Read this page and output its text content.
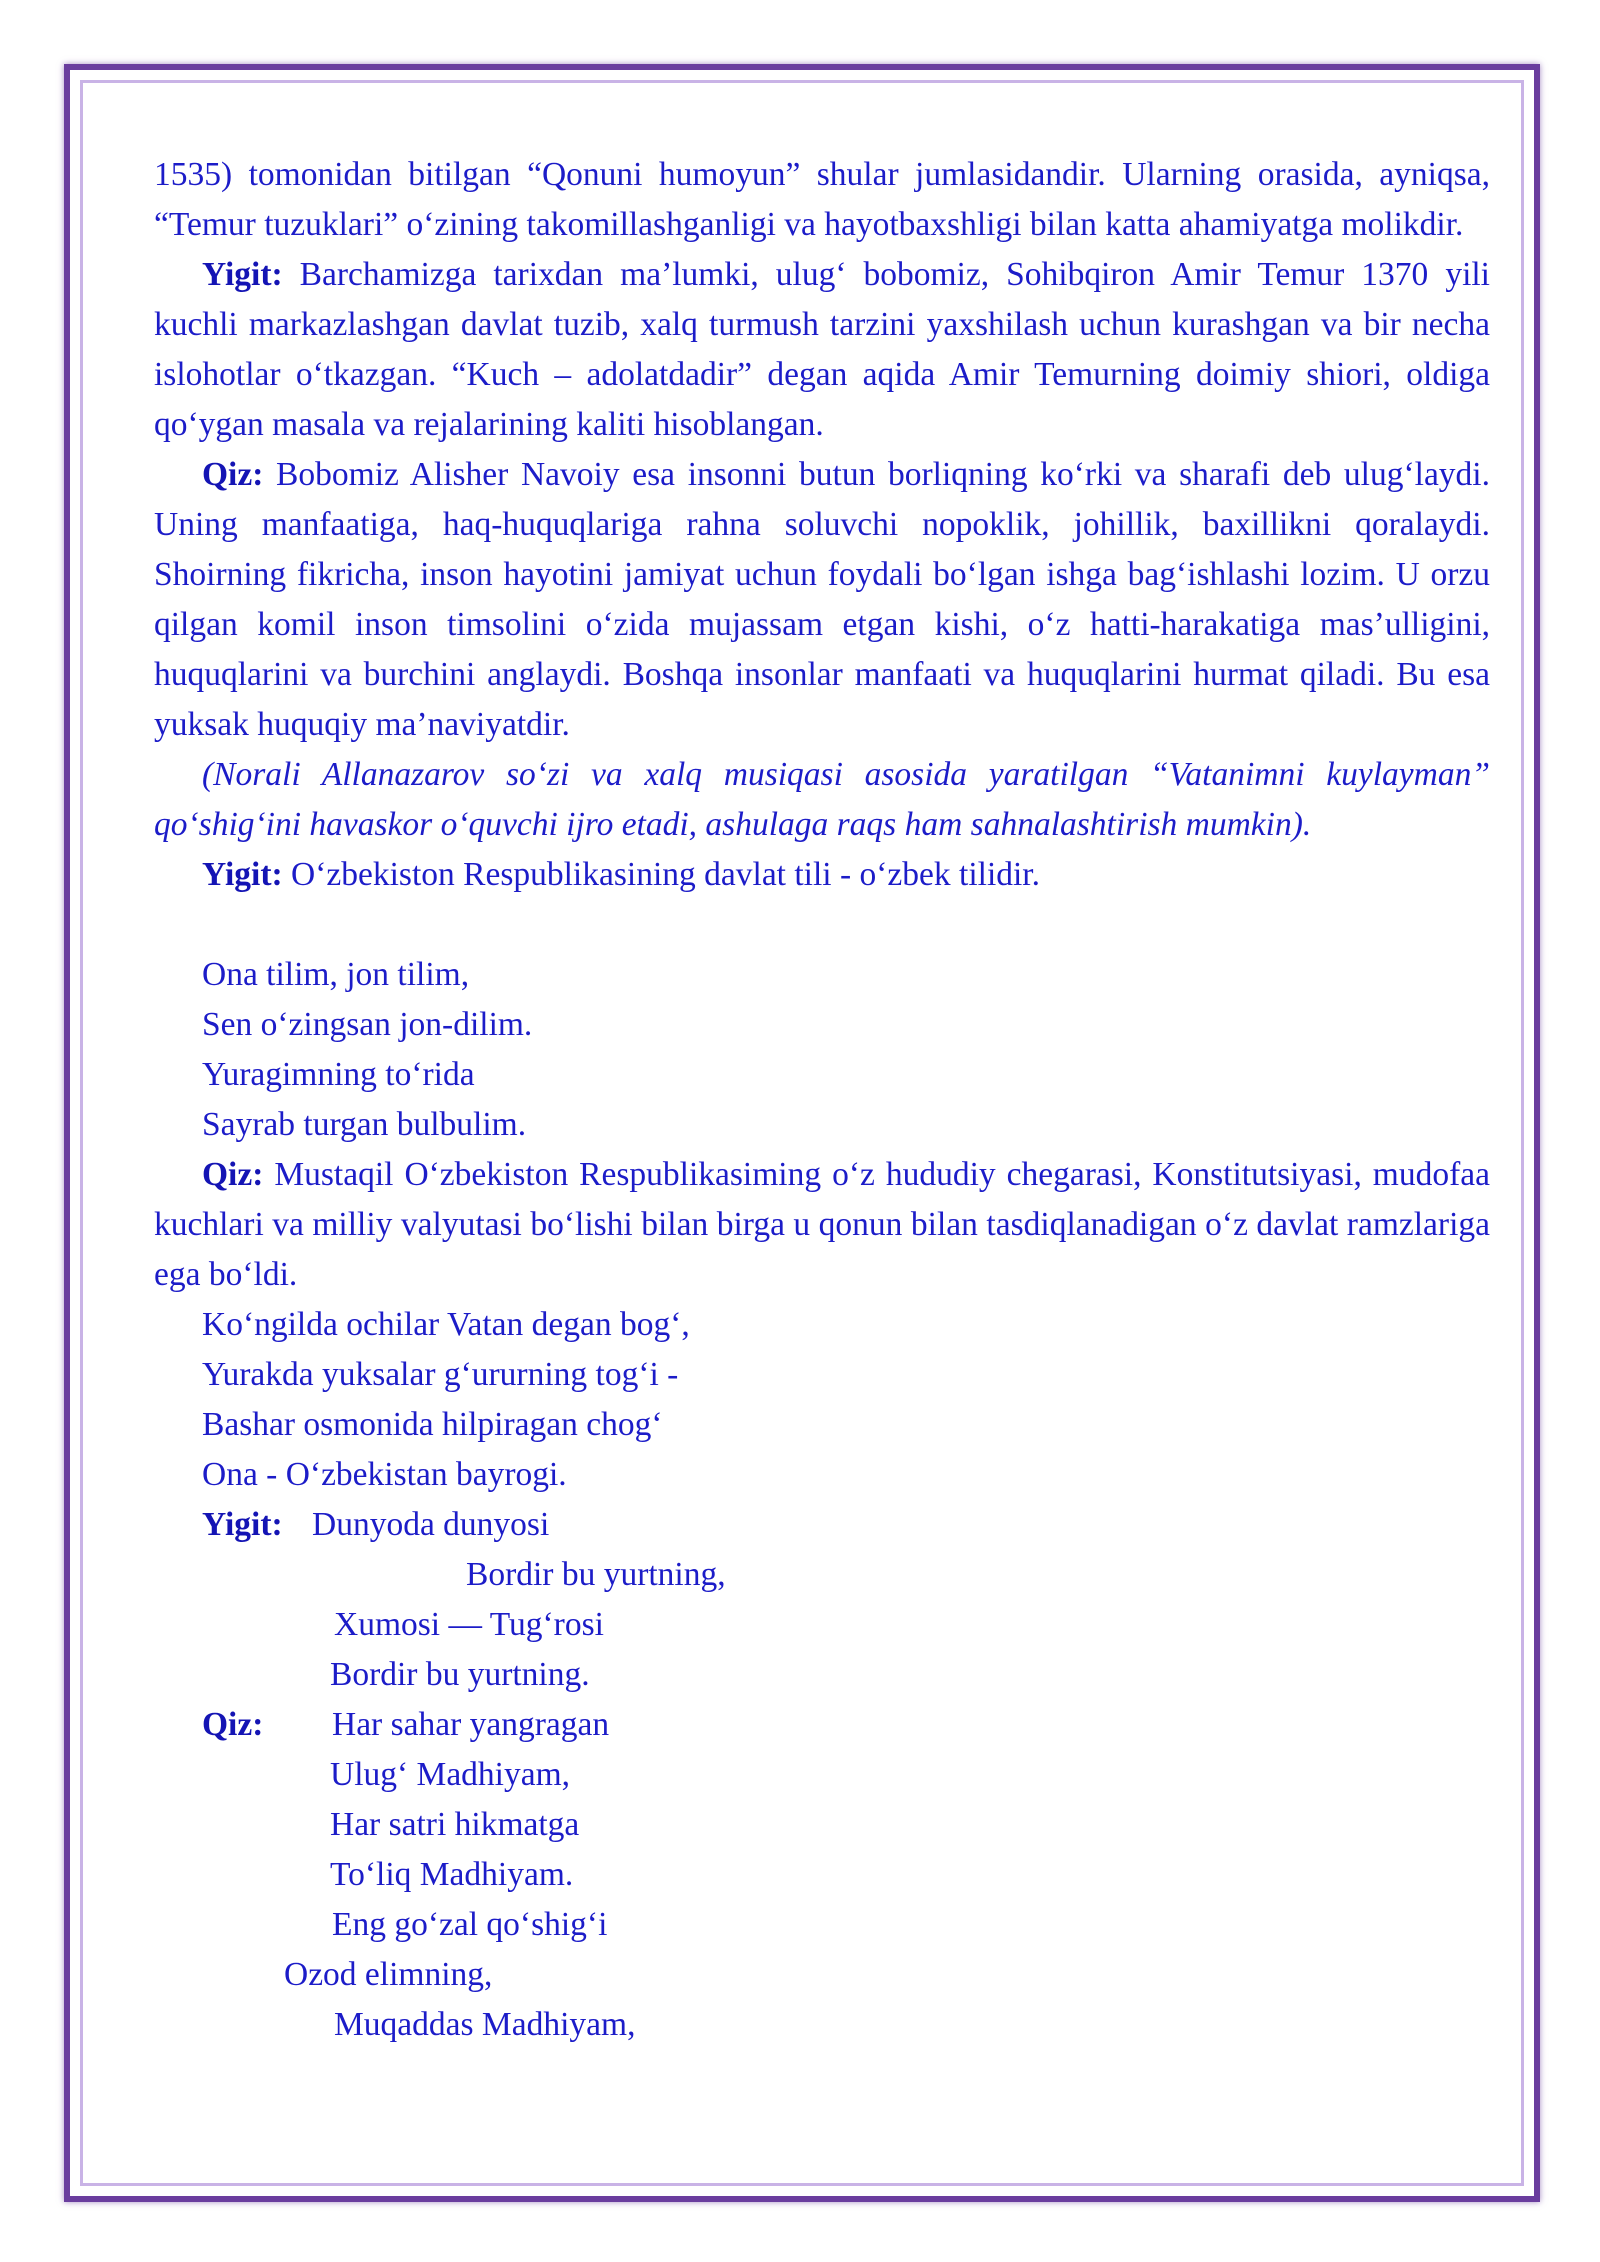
1535) tomonidan bitilgan “Qonuni humoyun” shular jumlasidandir. Ularning orasida, ayniqsa, “Temur tuzuklari” o‘zining takomillashganligi va hayotbaxshligi bilan katta ahamiyatga molikdir.

Yigit: Barchamizga tarixdan ma’lumki, ulug‘ bobomiz, Sohibqiron Amir Temur 1370 yili kuchli markazlashgan davlat tuzib, xalq turmush tarzini yaxshilash uchun kurashgan va bir necha islohotlar o‘tkazgan. “Kuch – adolatdadir” degan aqida Amir Temurning doimiy shiori, oldiga qo‘ygan masala va rejalarining kaliti hisoblangan.

Qiz: Bobomiz Alisher Navoiy esa insonni butun borliqning ko‘rki va sharafi deb ulug‘laydi. Uning manfaatiga, haq-huquqlariga rahna soluvchi nopoklik, johillik, baxillikni qoralaydi. Shoirning fikricha, inson hayotini jamiyat uchun foydali bo‘lgan ishga bag‘ishlashi lozim. U orzu qilgan komil inson timsolini o‘zida mujassam etgan kishi, o‘z hatti-harakatiga mas’ulligini, huquqlarini va burchini anglaydi. Boshqa insonlar manfaati va huquqlarini hurmat qiladi. Bu esa yuksak huquqiy ma’naviyatdir.

(Norali Allanazarov so‘zi va xalq musiqasi asosida yaratilgan “Vatanimni kuylayman” qo‘shig‘ini havaskor o‘quvchi ijro etadi, ashulaga raqs ham sahnalashtirish mumkin).

Yigit: O‘zbekiston Respublikasining davlat tili - o‘zbek tilidir.

Ona tilim, jon tilim,

Sen o‘zingsan jon-dilim.

Yuragimning to‘rida

Sayrab turgan bulbulim.

Qiz: Mustaqil O‘zbekiston Respublikasiming o‘z hududiy chegarasi, Konstitutsiyasi, mudofaa kuchlari va milliy valyutasi bo‘lishi bilan birga u qonun bilan tasdiqlanadigan o‘z davlat ramzlariga ega bo‘ldi.

Ko‘ngilda ochilar Vatan degan bog‘,

Yurakda yuksalar g‘ururning tog‘i -

Bashar osmonida hilpiragan chog‘

Ona - O‘zbekistan bayrogi.

Yigit: Dunyoda dunyosi

Bordir bu yurtning,

Xumosi — Tug‘rosi

Bordir bu yurtning.

Qiz: Har sahar yangragan

Ulug‘ Madhiyam,

Har satri hikmatga

To‘liq Madhiyam.

Eng go‘zal qo‘shig‘i

Ozod elimning,

Muqaddas Madhiyam,
